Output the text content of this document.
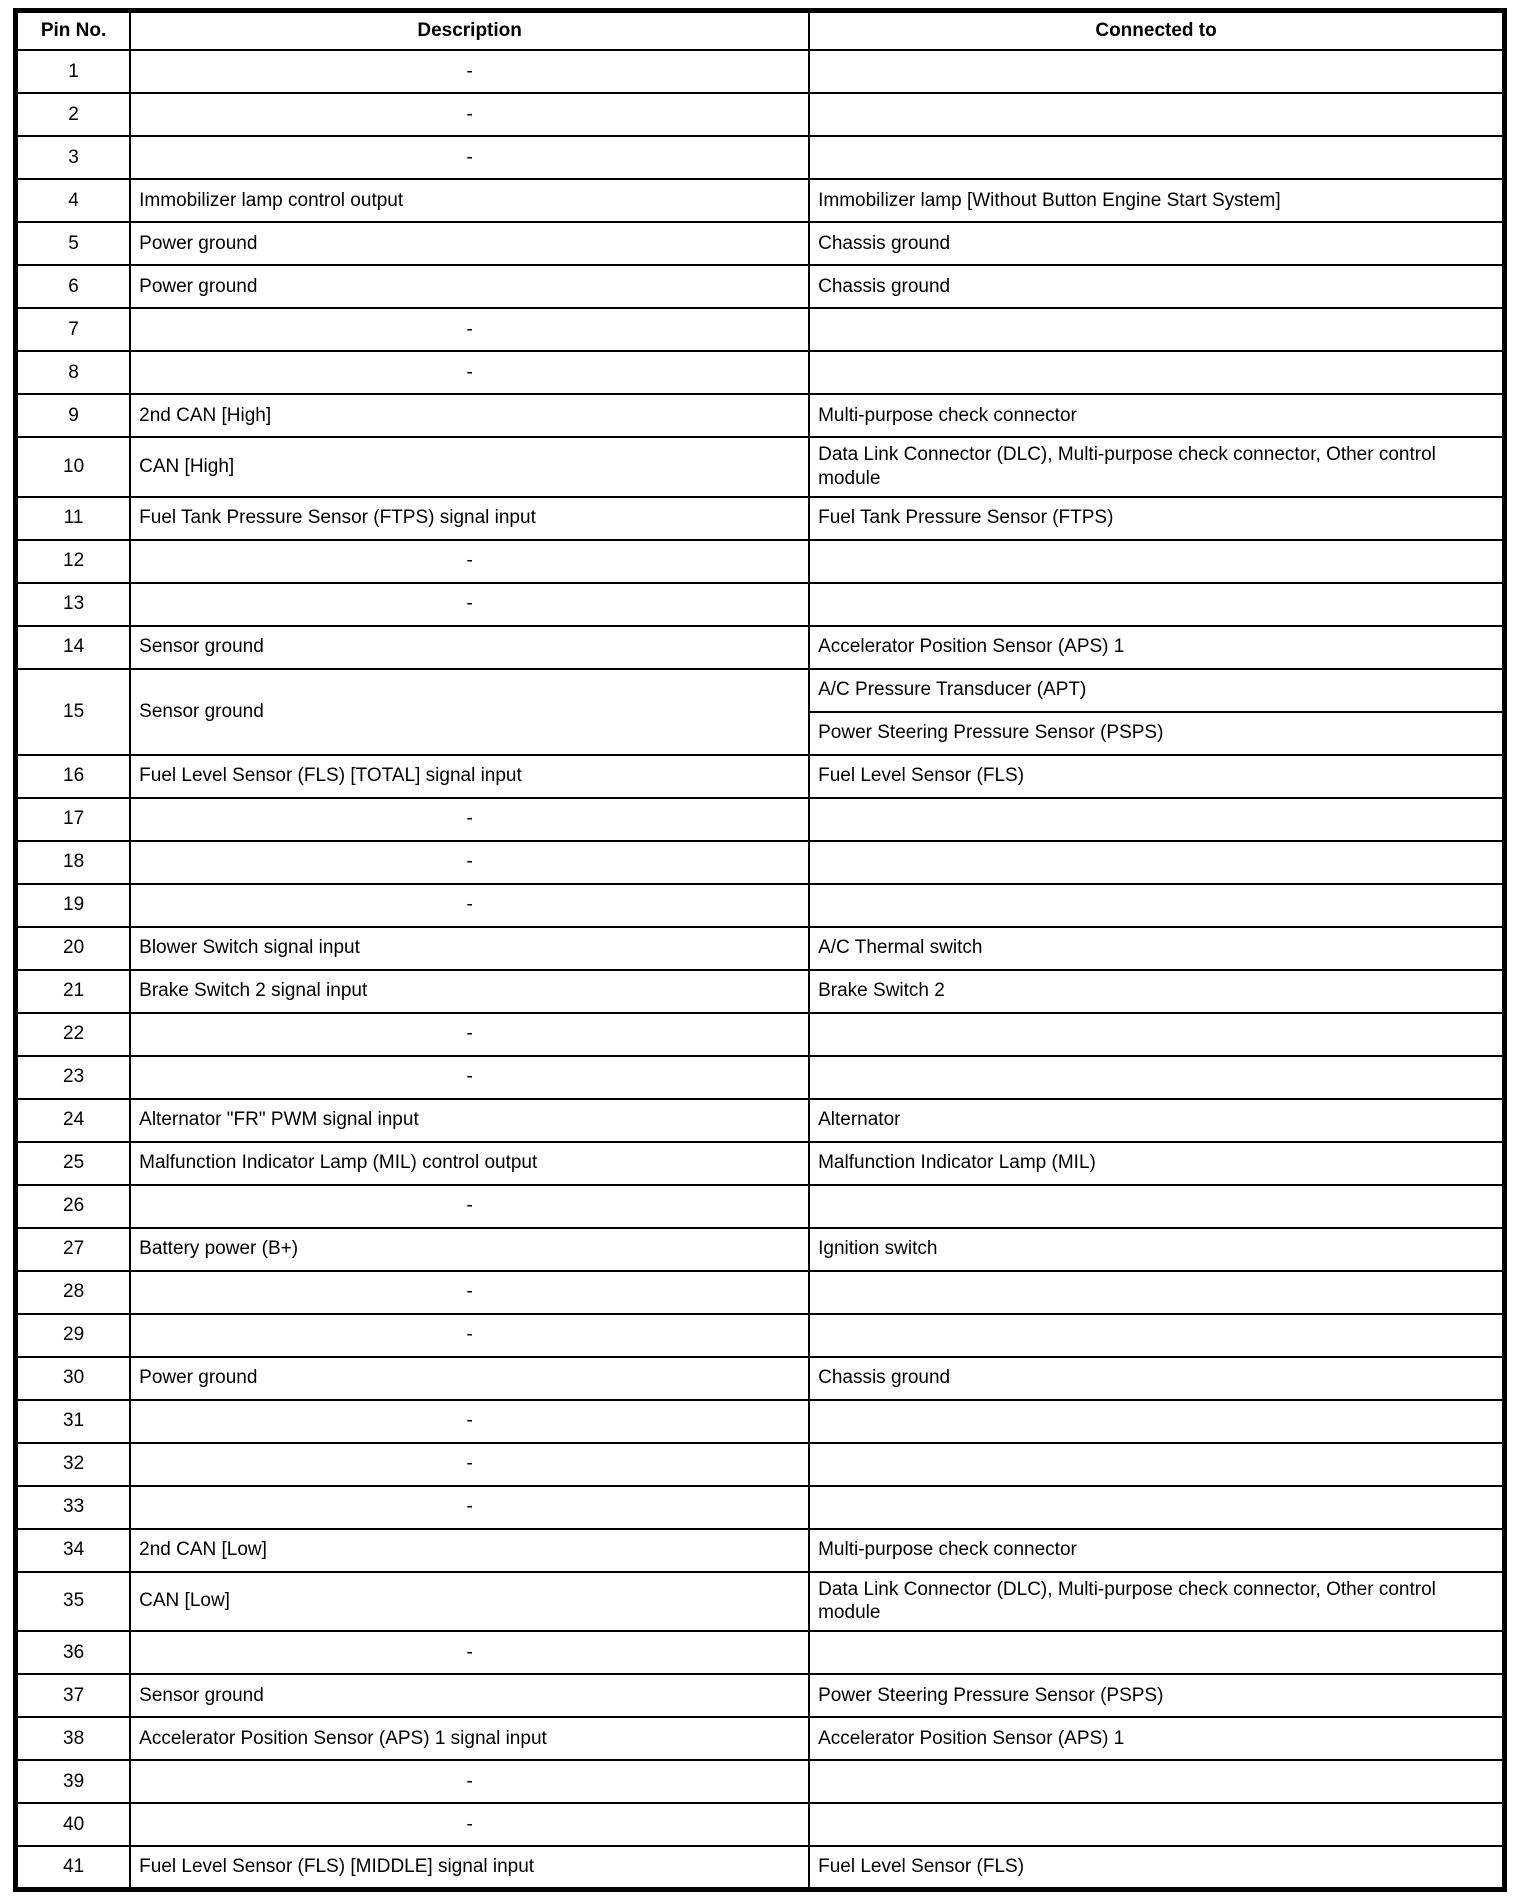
Pin No.	Description	Connected to
1	-	
2	-	
3	-	
4	Immobilizer lamp control output	Immobilizer lamp [Without Button Engine Start System]
5	Power ground	Chassis ground
6	Power ground	Chassis ground
7	-	
8	-	
9	2nd CAN [High]	Multi-purpose check connector
10	CAN [High]	Data Link Connector (DLC), Multi-purpose check connector, Other control module
11	Fuel Tank Pressure Sensor (FTPS) signal input	Fuel Tank Pressure Sensor (FTPS)
12	-	
13	-	
14	Sensor ground	Accelerator Position Sensor (APS) 1
15	Sensor ground	A/C Pressure Transducer (APT)
		Power Steering Pressure Sensor (PSPS)
16	Fuel Level Sensor (FLS) [TOTAL] signal input	Fuel Level Sensor (FLS)
17	-	
18	-	
19	-	
20	Blower Switch signal input	A/C Thermal switch
21	Brake Switch 2 signal input	Brake Switch 2
22	-	
23	-	
24	Alternator "FR" PWM signal input	Alternator
25	Malfunction Indicator Lamp (MIL) control output	Malfunction Indicator Lamp (MIL)
26	-	
27	Battery power (B+)	Ignition switch
28	-	
29	-	
30	Power ground	Chassis ground
31	-	
32	-	
33	-	
34	2nd CAN [Low]	Multi-purpose check connector
35	CAN [Low]	Data Link Connector (DLC), Multi-purpose check connector, Other control module
36	-	
37	Sensor ground	Power Steering Pressure Sensor (PSPS)
38	Accelerator Position Sensor (APS) 1 signal input	Accelerator Position Sensor (APS) 1
39	-	
40	-	
41	Fuel Level Sensor (FLS) [MIDDLE] signal input	Fuel Level Sensor (FLS)
